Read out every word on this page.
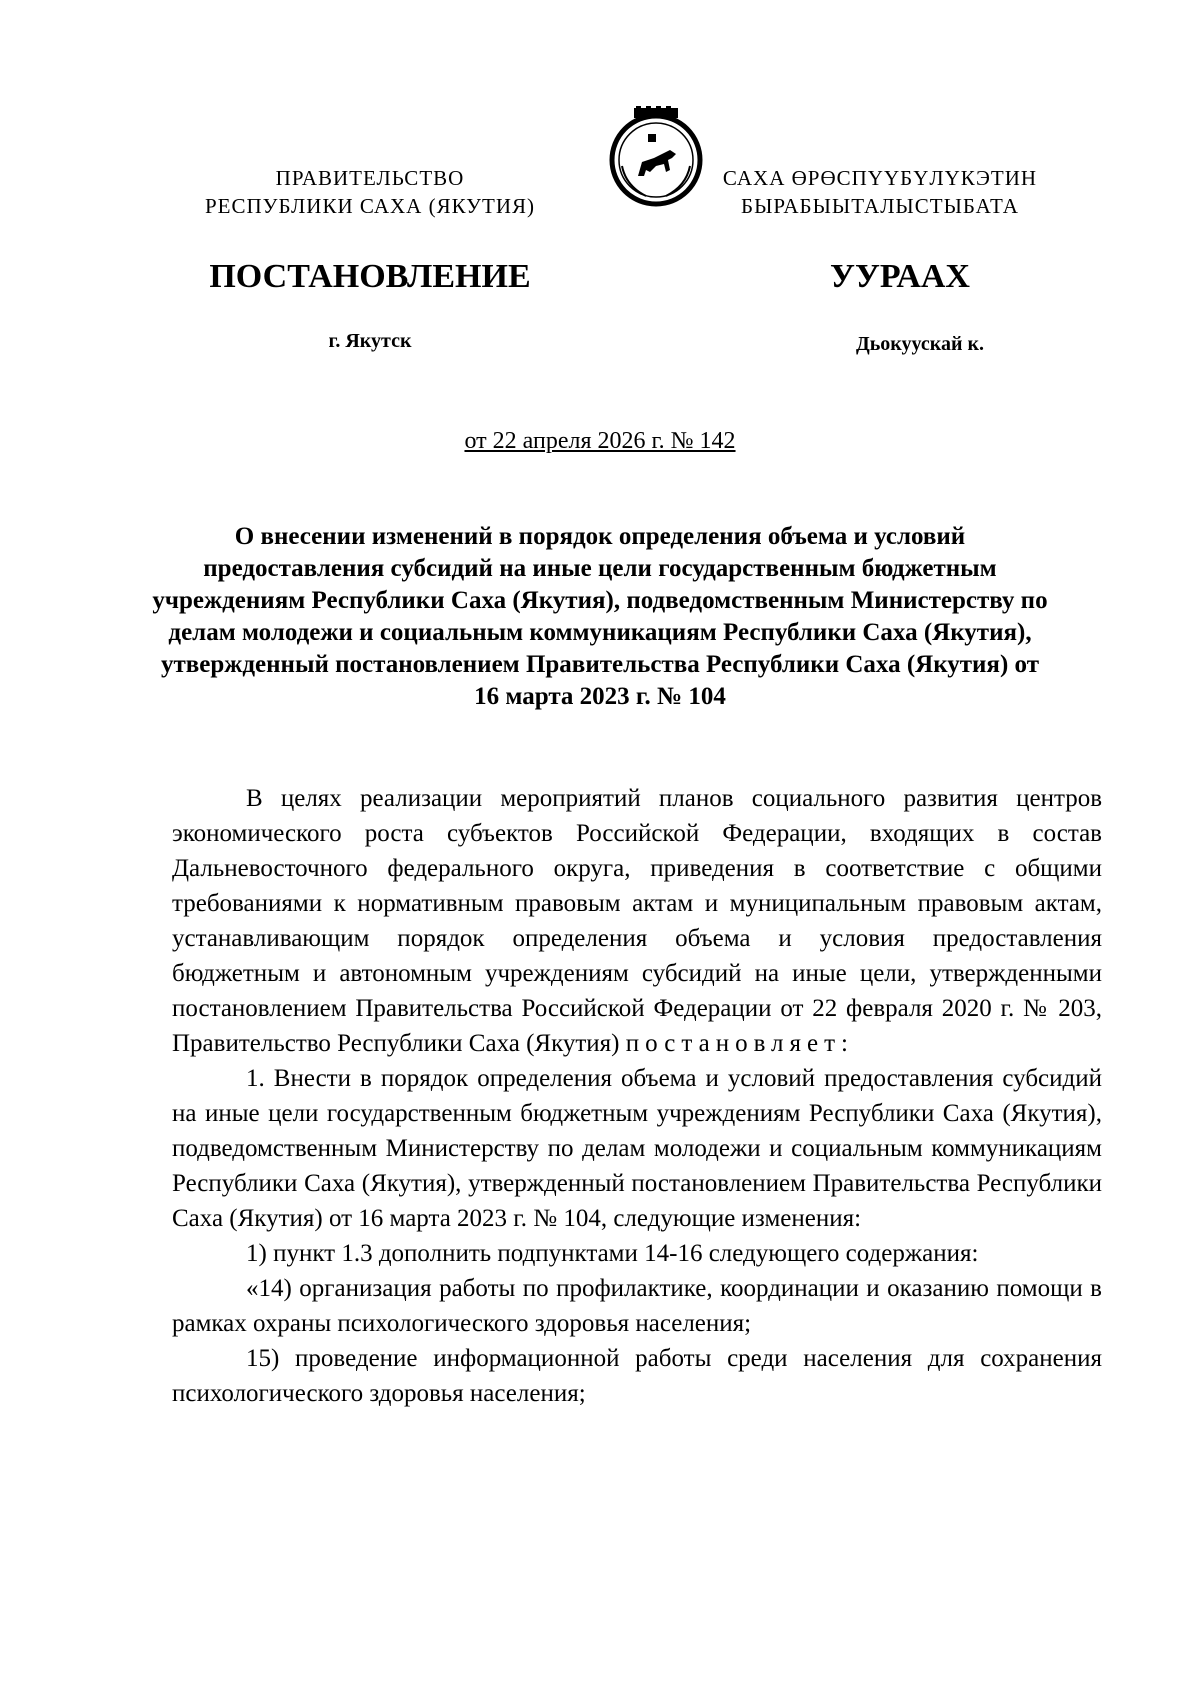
ПРАВИТЕЛЬСТВО
РЕСПУБЛИКИ САХА (ЯКУТИЯ)
САХА ӨРӨСПҮҮБҮЛҮКЭТИН
БЫРАБЫЫТАЛЫСТЫБАТА
ПОСТАНОВЛЕНИЕ	УУРААХ
г. Якутск	Дьокуускай к.
от 22 апреля 2026 г. № 142
О внесении изменений в порядок определения объема и условий предоставления субсидий на иные цели государственным бюджетным учреждениям Республики Саха (Якутия), подведомственным Министерству по делам молодежи и социальным коммуникациям Республики Саха (Якутия), утвержденный постановлением Правительства Республики Саха (Якутия) от 16 марта 2023 г. № 104

В целях реализации мероприятий планов социального развития центров экономического роста субъектов Российской Федерации, входящих в состав Дальневосточного федерального округа, приведения в соответствие с общими требованиями к нормативным правовым актам и муниципальным правовым актам, устанавливающим порядок определения объема и условия предоставления бюджетным и автономным учреждениям субсидий на иные цели, утвержденными постановлением Правительства Российской Федерации от 22 февраля 2020 г. № 203, Правительство Республики Саха (Якутия) постановляет:

1. Внести в порядок определения объема и условий предоставления субсидий на иные цели государственным бюджетным учреждениям Республики Саха (Якутия), подведомственным Министерству по делам молодежи и социальным коммуникациям Республики Саха (Якутия), утвержденный постановлением Правительства Республики Саха (Якутия) от 16 марта 2023 г. № 104, следующие изменения:

1) пункт 1.3 дополнить подпунктами 14-16 следующего содержания:

«14) организация работы по профилактике, координации и оказанию помощи в рамках охраны психологического здоровья населения;

15) проведение информационной работы среди населения для сохранения психологического здоровья населения;
